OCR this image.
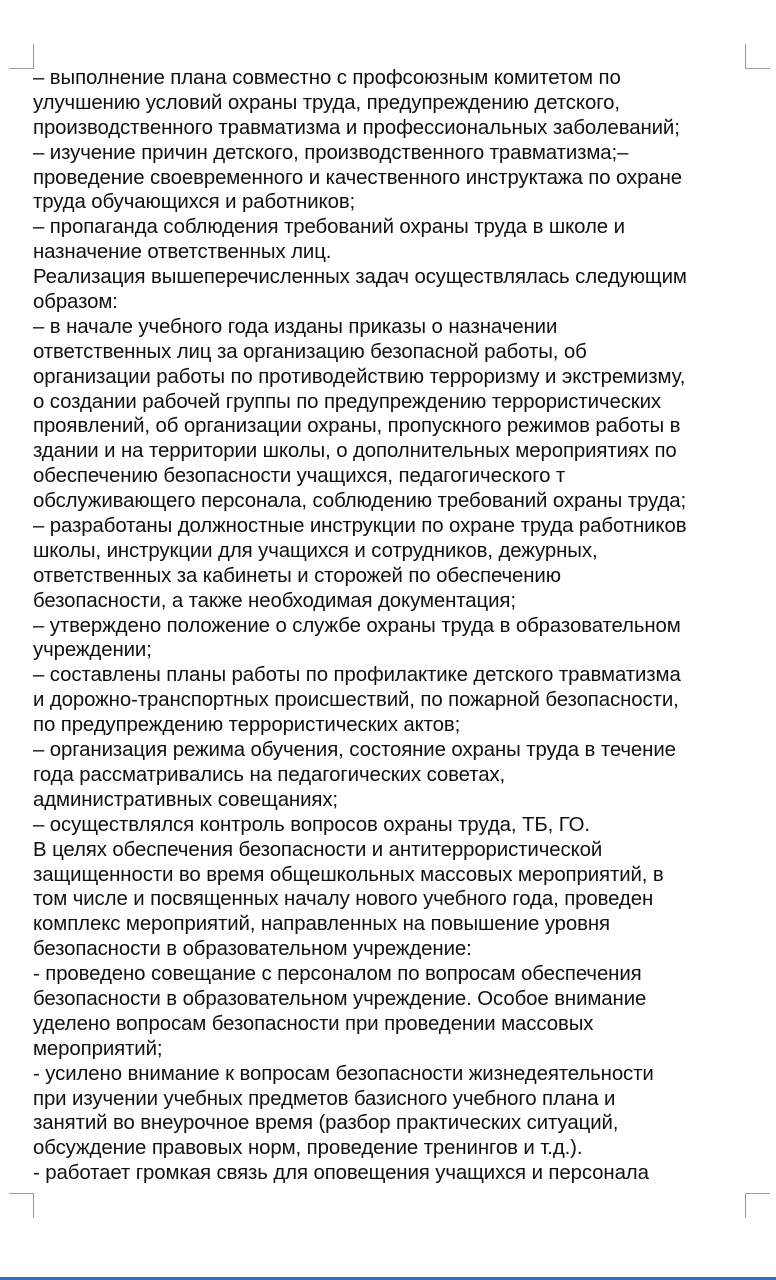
– выполнение плана совместно с профсоюзным комитетом по
улучшению условий охраны труда, предупреждению детского,
производственного травматизма и профессиональных заболеваний;
– изучение причин детского, производственного травматизма;–
проведение своевременного и качественного инструктажа по охране
труда обучающихся и работников;
– пропаганда соблюдения требований охраны труда в школе и
назначение ответственных лиц.
Реализация вышеперечисленных задач осуществлялась следующим
образом:
– в начале учебного года изданы приказы о назначении
ответственных лиц за организацию безопасной работы, об
организации работы по противодействию терроризму и экстремизму,
о создании рабочей группы по предупреждению террористических
проявлений, об организации охраны, пропускного режимов работы в
здании и на территории школы, о дополнительных мероприятиях по
обеспечению безопасности учащихся, педагогического т
обслуживающего персонала, соблюдению требований охраны труда;
– разработаны должностные инструкции по охране труда работников
школы, инструкции для учащихся и сотрудников, дежурных,
ответственных за кабинеты и сторожей по обеспечению
безопасности, а также необходимая документация;
– утверждено положение о службе охраны труда в образовательном
учреждении;
– составлены планы работы по профилактике детского травматизма
и дорожно-транспортных происшествий, по пожарной безопасности,
по предупреждению террористических актов;
– организация режима обучения, состояние охраны труда в течение
года рассматривались на педагогических советах,
административных совещаниях;
– осуществлялся контроль вопросов охраны труда, ТБ, ГО.
В целях обеспечения безопасности и антитеррористической
защищенности во время общешкольных массовых мероприятий, в
том числе и посвященных началу нового учебного года, проведен
комплекс мероприятий, направленных на повышение уровня
безопасности в образовательном учреждение:
- проведено совещание с персоналом по вопросам обеспечения
безопасности в образовательном учреждение. Особое внимание
уделено вопросам безопасности при проведении массовых
мероприятий;
- усилено внимание к вопросам безопасности жизнедеятельности
при изучении учебных предметов базисного учебного плана и
занятий во внеурочное время (разбор практических ситуаций,
обсуждение правовых норм, проведение тренингов и т.д.).
- работает громкая связь для оповещения учащихся и персонала
